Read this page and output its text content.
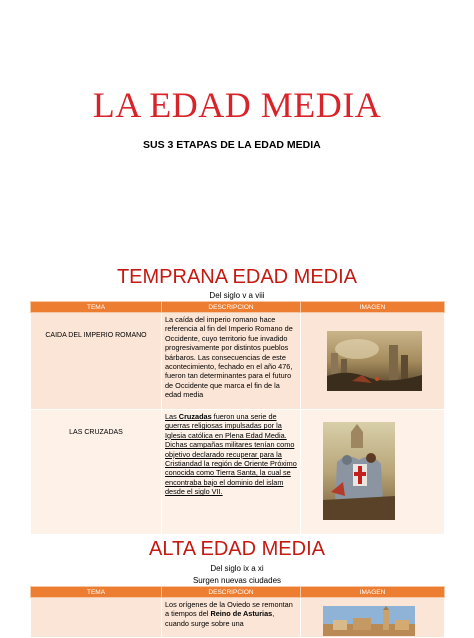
LA EDAD MEDIA
SUS 3 ETAPAS DE LA EDAD MEDIA
TEMPRANA EDAD MEDIA
Del siglo v a viii
TEMA	DESCRIPCION	IMAGEN
CAIDA DEL IMPERIO ROMANO	La caída del imperio romano hace referencia al fin del Imperio Romano de Occidente, cuyo territorio fue invadido progresivamente por distintos pueblos bárbaros. Las consecuencias de este acontecimiento, fechado en el año 476, fueron tan determinantes para el futuro de Occidente que marca el fin de la edad media	

LAS CRUZADAS	Las Cruzadas fueron una serie de guerras religiosas impulsadas por la Iglesia católica en Plena Edad Media. Dichas campañas militares tenían como objetivo declarado recuperar para la Cristiandad la región de Oriente Próximo conocida como Tierra Santa, la cual se encontraba bajo el dominio del islam desde el siglo VII.	
ALTA EDAD MEDIA
Del siglo ix a xi
Surgen nuevas ciudades
TEMA	DESCRIPCION	IMAGEN
	Los orígenes de la Oviedo se remontan a tiempos del Reino de Asturias, cuando surge sobre una	
